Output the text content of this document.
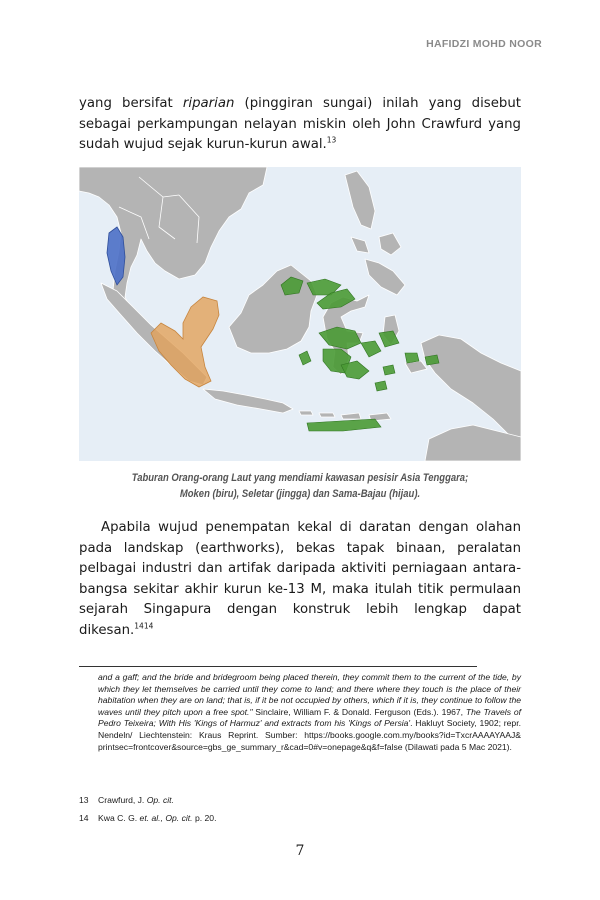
HAFIDZI MOHD NOOR

yang bersifat riparian (pinggiran sungai) inilah yang disebut sebagai perkampungan nelayan miskin oleh John Crawfurd yang sudah wujud sejak kurun-kurun awal.$^{13}$

Taburan Orang-orang Laut yang mendiami kawasan pesisir Asia Tenggara;
Moken (biru), Seletar (jingga) dan Sama-Bajau (hijau).

Apabila wujud penempatan kekal di daratan dengan olahan pada landskap (earthworks), bekas tapak binaan, peralatan pelbagai industri dan artifak daripada aktiviti perniagaan antara-bangsa sekitar akhir kurun ke-13 M, maka itulah titik permulaan sejarah Singapura dengan konstruk lebih lengkap dapat dikesan.$^{1414}$

and a gaff; and the bride and bridegroom being placed therein, they commit them to the current of the tide, by which they let themselves be carried until they come to land; and there where they touch is the place of their habitation when they are on land; that is, if it be not occupied by others, which if it is, they continue to follow the waves until they pitch upon a free spot." Sinclaire, William F. & Donald. Ferguson (Eds.). 1967, The Travels of Pedro Teixeira; With His 'Kings of Harmuz' and extracts from his 'Kings of Persia'. Hakluyt Society, 1902; repr. Nendeln/ Liechtenstein: Kraus Reprint. Sumber: https://books.google.com.my/books?id=TxcrAAAAYAAJ& printsec=frontcover&source=gbs_ge_summary_r&cad=0#v=onepage&q&f=false (Dilawati pada 5 Mac 2021).

13 Crawfurd, J. Op. cit.
14 Kwa C. G. et. al., Op. cit. p. 20.
7
